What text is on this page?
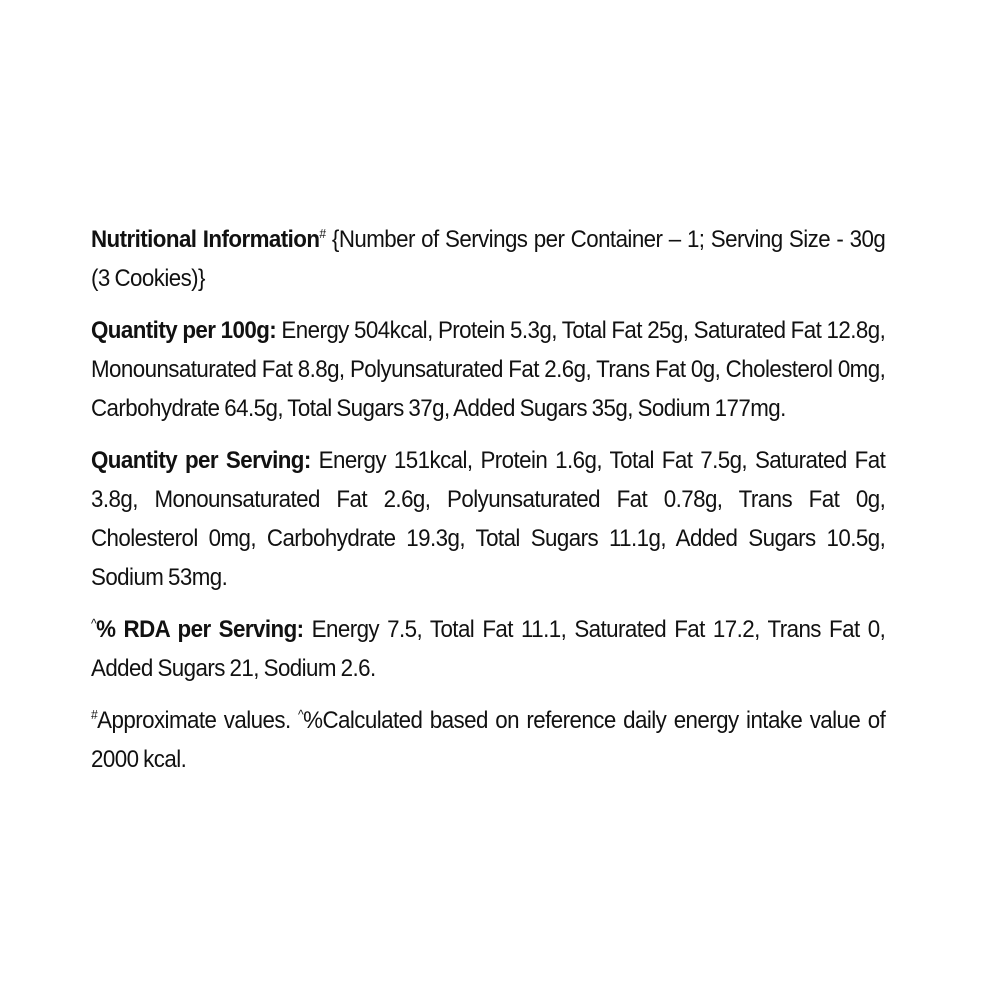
Nutritional Information# {Number of Servings per Container – 1; Serving Size - 30g (3 Cookies)}

Quantity per 100g: Energy 504kcal, Protein 5.3g, Total Fat 25g, Saturated Fat 12.8g, Monounsaturated Fat 8.8g, Polyunsaturated Fat 2.6g, Trans Fat 0g, Cholesterol 0mg, Carbohydrate 64.5g, Total Sugars 37g, Added Sugars 35g, Sodium 177mg.

Quantity per Serving: Energy 151kcal, Protein 1.6g, Total Fat 7.5g, Saturated Fat 3.8g, Monounsaturated Fat 2.6g, Polyunsaturated Fat 0.78g, Trans Fat 0g, Cholesterol 0mg, Carbohydrate 19.3g, Total Sugars 11.1g, Added Sugars 10.5g, Sodium 53mg.

^% RDA per Serving: Energy 7.5, Total Fat 11.1, Saturated Fat 17.2, Trans Fat 0, Added Sugars 21, Sodium 2.6.

#Approximate values. ^%Calculated based on reference daily energy intake value of 2000 kcal.
